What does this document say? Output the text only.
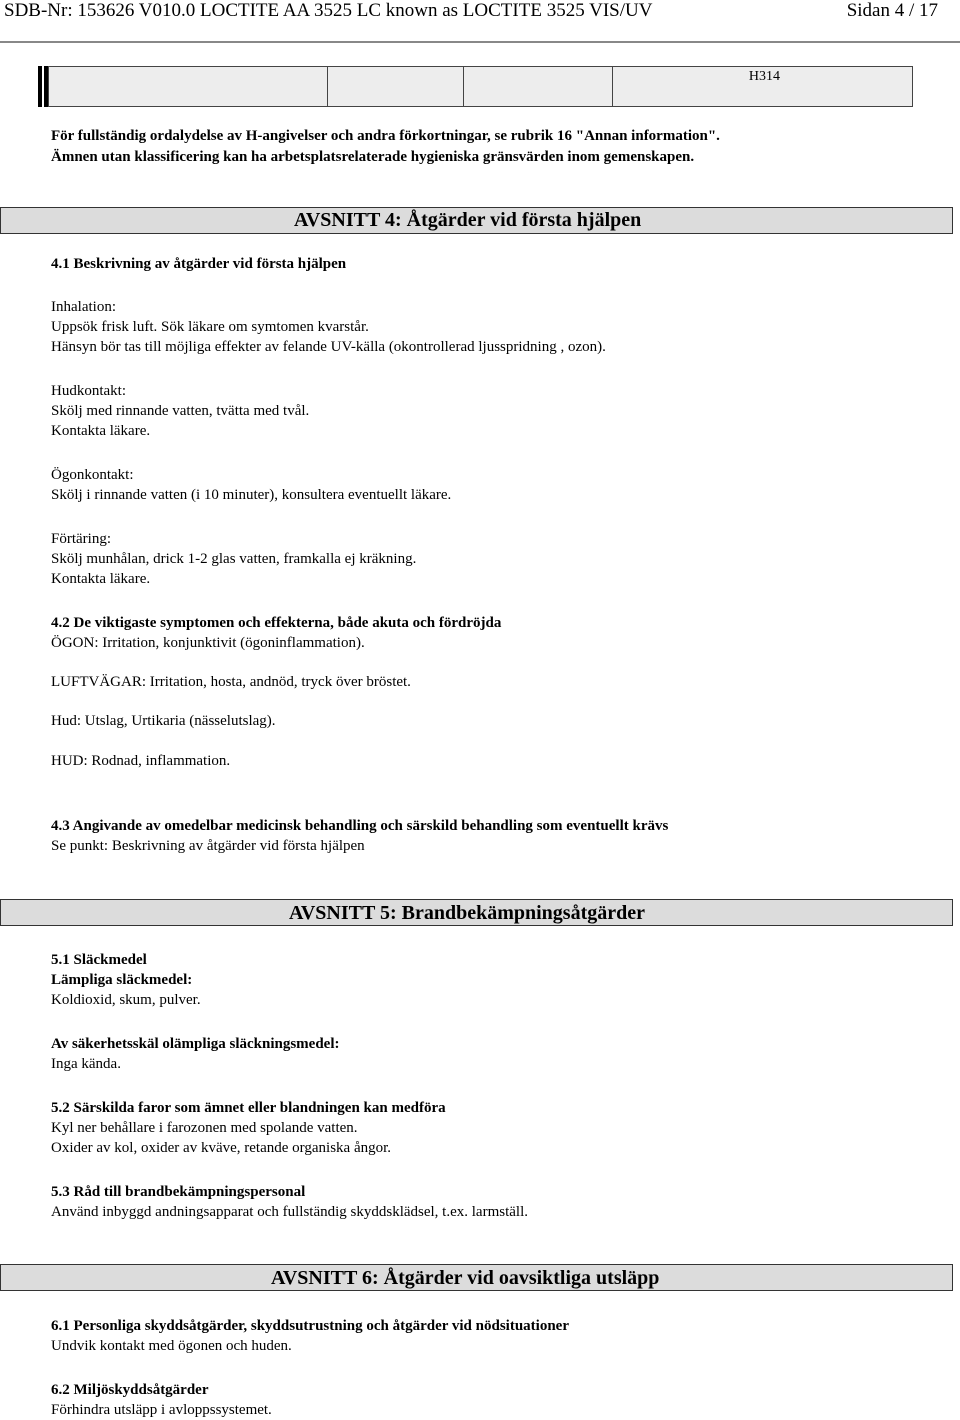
SDB-Nr: 153626 V010.0 LOCTITE AA 3525 LC known as LOCTITE 3525 VIS/UV	Sidan 4 / 17
H314
För fullständig ordalydelse av H-angivelser och andra förkortningar, se rubrik 16 "Annan information".
Ämnen utan klassificering kan ha arbetsplatsrelaterade hygieniska gränsvärden inom gemenskapen.
AVSNITT 4: Åtgärder vid första hjälpen
4.1 Beskrivning av åtgärder vid första hjälpen
Inhalation:
Uppsök frisk luft. Sök läkare om symtomen kvarstår.
Hänsyn bör tas till möjliga effekter av felande UV-källa (okontrollerad ljusspridning , ozon).
Hudkontakt:
Skölj med rinnande vatten, tvätta med tvål.
Kontakta läkare.
Ögonkontakt:
Skölj i rinnande vatten (i 10 minuter), konsultera eventuellt läkare.
Förtäring:
Skölj munhålan, drick 1-2 glas vatten, framkalla ej kräkning.
Kontakta läkare.
4.2 De viktigaste symptomen och effekterna, både akuta och fördröjda
ÖGON: Irritation, konjunktivit (ögoninflammation).
LUFTVÄGAR: Irritation, hosta, andnöd, tryck över bröstet.
Hud: Utslag, Urtikaria (nässelutslag).
HUD: Rodnad, inflammation.
4.3 Angivande av omedelbar medicinsk behandling och särskild behandling som eventuellt krävs
Se punkt: Beskrivning av åtgärder vid första hjälpen
AVSNITT 5: Brandbekämpningsåtgärder
5.1 Släckmedel
Lämpliga släckmedel:
Koldioxid, skum, pulver.
Av säkerhetsskäl olämpliga släckningsmedel:
Inga kända.
5.2 Särskilda faror som ämnet eller blandningen kan medföra
Kyl ner behållare i farozonen med spolande vatten.
Oxider av kol, oxider av kväve, retande organiska ångor.
5.3 Råd till brandbekämpningspersonal
Använd inbyggd andningsapparat och fullständig skyddsklädsel, t.ex. larmställ.
AVSNITT 6: Åtgärder vid oavsiktliga utsläpp
6.1 Personliga skyddsåtgärder, skyddsutrustning och åtgärder vid nödsituationer
Undvik kontakt med ögonen och huden.
6.2 Miljöskyddsåtgärder
Förhindra utsläpp i avloppssystemet.
